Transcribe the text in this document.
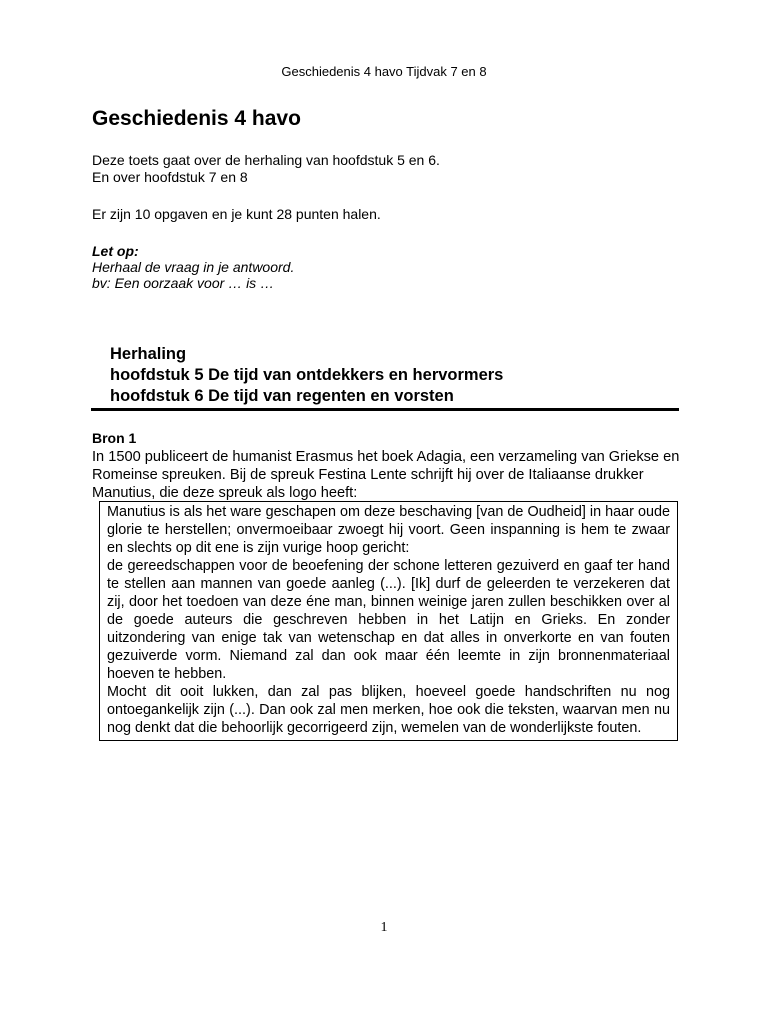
Geschiedenis 4 havo Tijdvak 7 en 8
Geschiedenis 4 havo
Deze toets gaat over de herhaling van hoofdstuk 5 en 6.
En over hoofdstuk 7 en 8
Er zijn 10 opgaven en je kunt 28 punten halen.
Let op:
Herhaal de vraag in je antwoord.
bv: Een oorzaak voor … is …
Herhaling
hoofdstuk 5 De tijd van ontdekkers en hervormers
hoofdstuk 6 De tijd van regenten en vorsten
Bron 1
In 1500 publiceert de humanist Erasmus het boek Adagia, een verzameling van Griekse en Romeinse spreuken. Bij de spreuk Festina Lente schrijft hij over de Italiaanse drukker Manutius, die deze spreuk als logo heeft:

Manutius is als het ware geschapen om deze beschaving [van de Oudheid] in haar oude glorie te herstellen; onvermoeibaar zwoegt hij voort. Geen inspanning is hem te zwaar en slechts op dit ene is zijn vurige hoop gericht:

de gereedschappen voor de beoefening der schone letteren gezuiverd en gaaf ter hand te stellen aan mannen van goede aanleg (...). [Ik] durf de geleerden te verzekeren dat zij, door het toedoen van deze éne man, binnen weinige jaren zullen beschikken over al de goede auteurs die geschreven hebben in het Latijn en Grieks. En zonder uitzondering van enige tak van wetenschap en dat alles in onverkorte en van fouten gezuiverde vorm. Niemand zal dan ook maar één leemte in zijn bronnenmateriaal hoeven te hebben.

Mocht dit ooit lukken, dan zal pas blijken, hoeveel goede handschriften nu nog ontoegankelijk zijn (...). Dan ook zal men merken, hoe ook die teksten, waarvan men nu nog denkt dat die behoorlijk gecorrigeerd zijn, wemelen van de wonderlijkste fouten.

1
